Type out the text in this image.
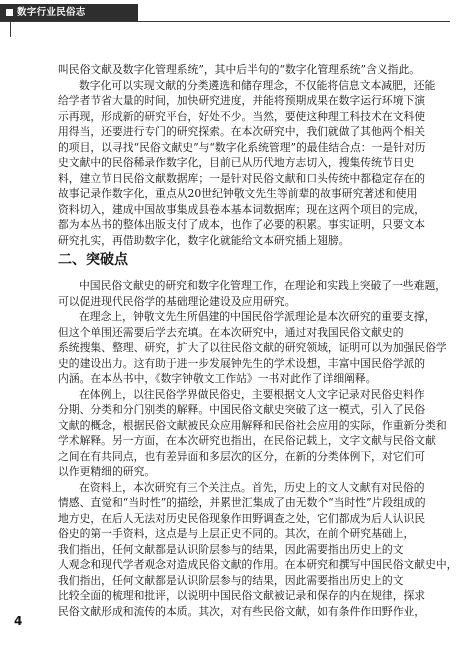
数字行业民俗志
叫民俗文献及数字化管理系统”，其中后半句的“数字化管理系统”含义指此。
数字化可以实现文献的分类遴选和储存理念，不仅能将信息文本减肥，还能
给学者节省大量的时间，加快研究进度，并能将预期成果在数字运行环境下演
示再现，形成新的研究平台，好处不少。当然，要使这种理工科技术在文科使
用得当，还要进行专门的研究探索。在本次研究中，我们就做了其他两个相关
的项目，以寻找“民俗文献史”与“数字化系统管理”的最佳结合点：一是针对历
史文献中的民俗稀录作数字化，目前已从历代地方志切入，搜集传统节日史
料，建立节日民俗文献数据库；一是针对民俗文献和口头传统中都稳定存在的
故事记录作数字化，重点从20世纪钟敬文先生等前辈的故事研究著述和使用
资料切入，建成中国故事集成县卷本基本词数据库；现在这两个项目的完成，
都为本丛书的整体出版支付了成本，也作了必要的积累。事实证明，只要文本
研究扎实，再借助数字化，数字化就能给文本研究插上翅膀。
二、突破点
中国民俗文献史的研究和数字化管理工作，在理论和实践上突破了一些难题，
可以促进现代民俗学的基础理论建设及应用研究。
在理念上，钟敬文先生所倡建的中国民俗学派理论是本次研究的重要支撑，
但这个单围还需要后学去充填。在本次研究中，通过对我国民俗文献史的
系统搜集、整理、研究，扩大了以往民俗文献的研究领域，证明可以为加强民俗学
史的建设出力。这有助于进一步发展钟先生的学术设想，丰富中国民俗学派的
内涵。在本丛书中，《数字钟敬文工作站》一书对此作了详细阐释。
在体例上，以往民俗学界做民俗史，主要根据文人文字记录对民俗史料作
分期、分类和分门别类的解释。中国民俗文献史突破了这一模式，引入了民俗
文献的概念，根据民俗文献被民众应用解释和民俗社会应用的实际，作重新分类和
学术解释。另一方面，在本次研究也指出，在民俗记载上，文字文献与民俗文献
之间在有共同点，也有差异面和多层次的区分，在新的分类体例下，对它们可
以作更精细的研究。
在资料上，本次研究有三个关注点。首先，历史上的文人文献有对民俗的
情感、直觉和“当时性”的描绘，并累世汇集成了由无数个“当时性”片段组成的
地方史，在后人无法对历史民俗现象作田野调查之处，它们都成为后人认识民
俗史的第一手资料，这点是与上层正史不同的。其次，在前个研究基础上，
我们指出，任何文献都是认识阶层参与的结果，因此需要指出历史上的文
人观念和现代学者观念对造成民俗文献的作用。在本研究和撰写中国民俗文献史中，
我们指出，任何文献都是认识阶层参与的结果，因此需要指出历史上的文
比较全面的梳理和批评，以说明中国民俗文献被记录和保存的内在规律，探求
民俗文献形成和流传的本质。其次，对有些民俗文献，如有条件作田野作业，
4
